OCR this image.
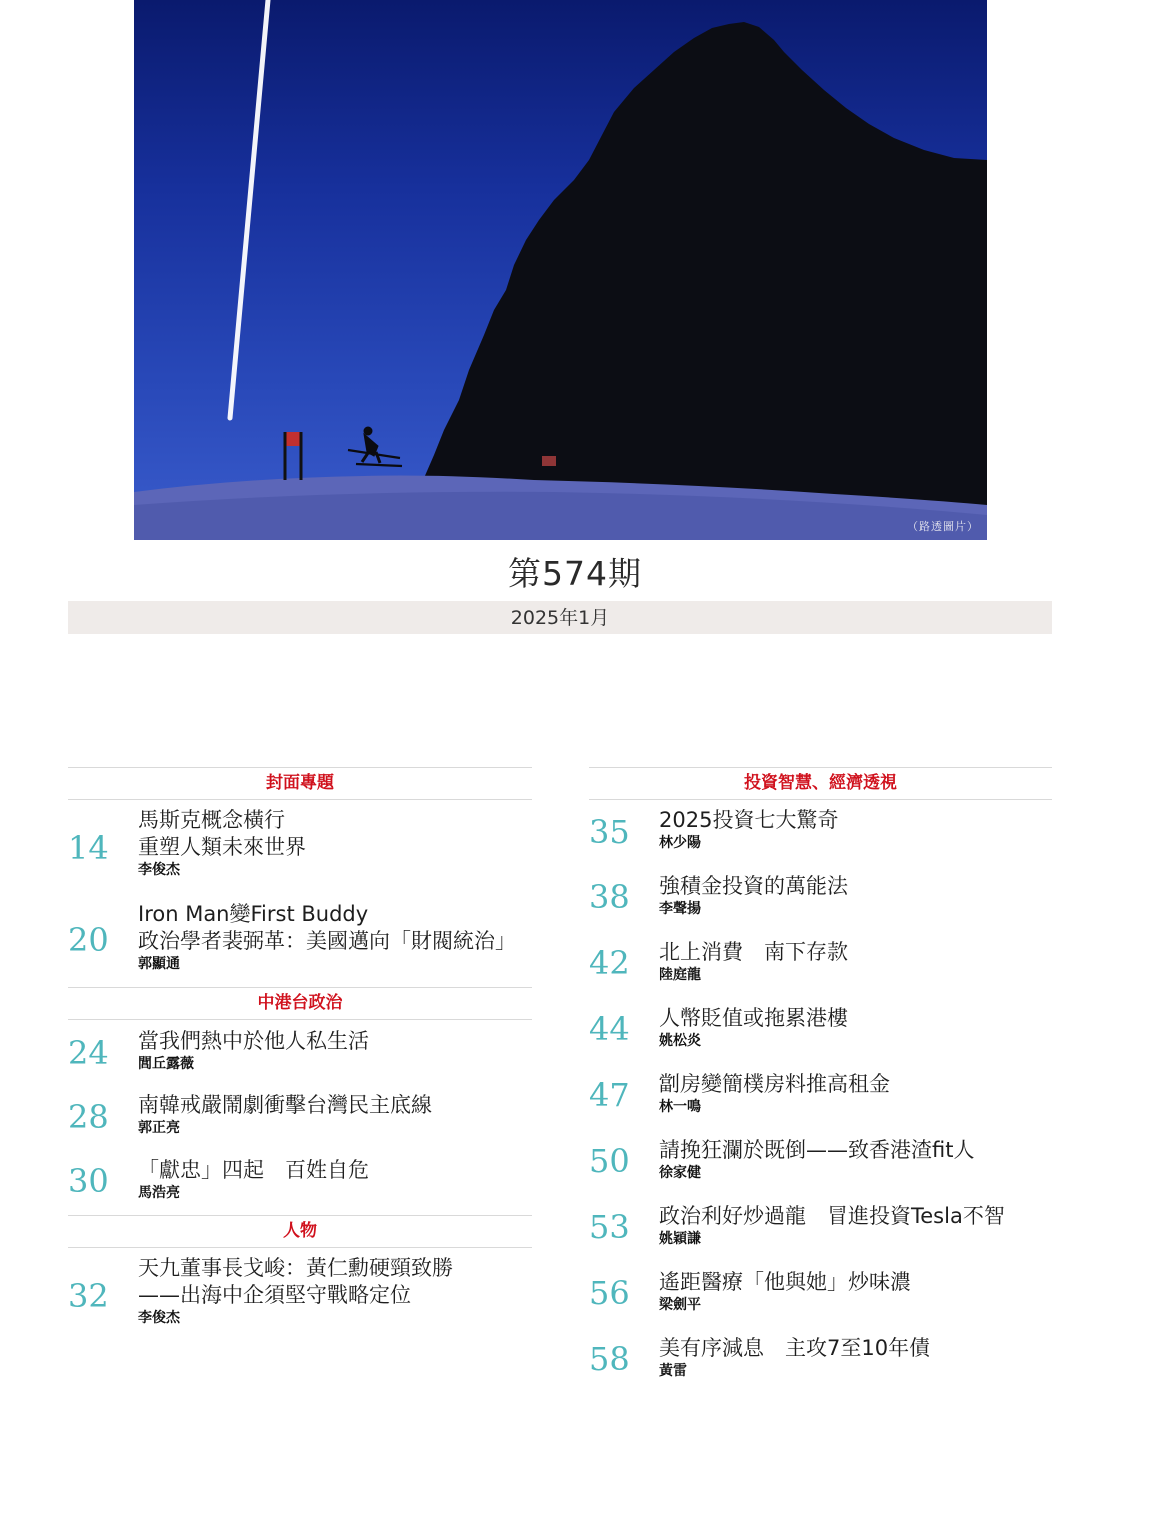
（路透圖片）
第574期
2025年1月
封面專題
14
馬斯克概念橫行
重塑人類未來世界
李俊杰
20
Iron Man變First Buddy
政治學者裴弼革：美國邁向「財閥統治」
郭顯通
中港台政治
24 當我們熱中於他人私生活
閭丘露薇
28 南韓戒嚴鬧劇衝擊台灣民主底線
郭正亮
30 「獻忠」四起　百姓自危
馬浩亮
人物
32
天九董事長戈峻：黃仁勳硬頸致勝
——出海中企須堅守戰略定位
李俊杰
投資智慧、經濟透視
35 2025投資七大驚奇
林少陽
38 強積金投資的萬能法
李聲揚
42 北上消費　南下存款
陸庭龍
44 人幣貶值或拖累港樓
姚松炎
47 劏房變簡樸房料推高租金
林一鳴
50 請挽狂瀾於既倒——致香港渣fit人
徐家健
53 政治利好炒過龍　冒進投資Tesla不智
姚穎謙
56 遙距醫療「他與她」炒味濃
梁劍平
58 美有序減息　主攻7至10年債
黃雷
